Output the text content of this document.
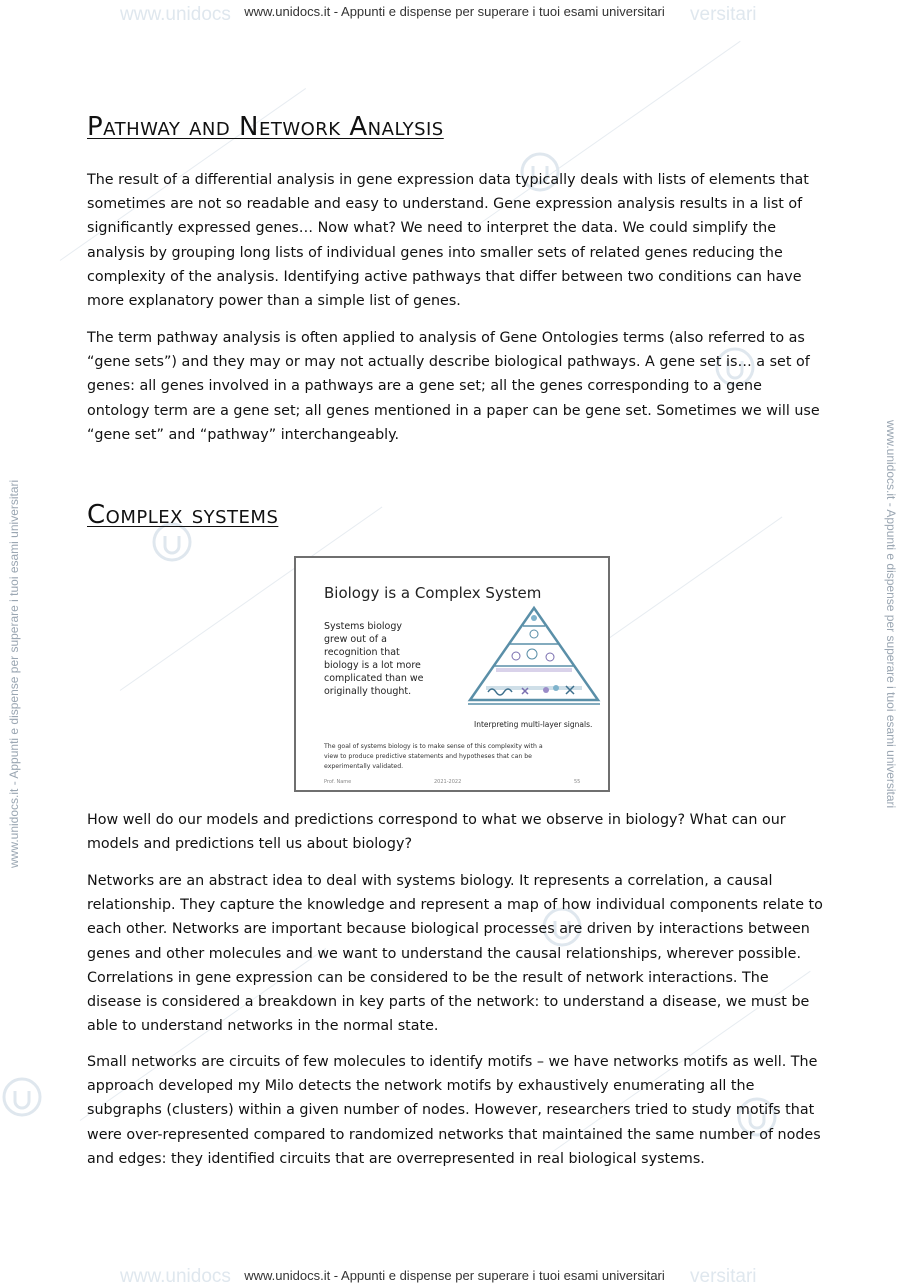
www.unidocs	versitari
www.unidocs.it - Appunti e dispense per superare i tuoi esami universitari
www.unidocs	versitari
www.unidocs.it - Appunti e dispense per superare i tuoi esami universitari
www.unidocs.it - Appunti e dispense per superare i tuoi esami universitari	www.unidocs.it - Appunti e dispense per superare i tuoi esami universitari
Pathway and Network Analysis

The result of a differential analysis in gene expression data typically deals with lists of elements that sometimes are not so readable and easy to understand. Gene expression analysis results in a list of significantly expressed genes… Now what? We need to interpret the data. We could simplify the analysis by grouping long lists of individual genes into smaller sets of related genes reducing the complexity of the analysis. Identifying active pathways that differ between two conditions can have more explanatory power than a simple list of genes.

The term pathway analysis is often applied to analysis of Gene Ontologies terms (also referred to as “gene sets”) and they may or may not actually describe biological pathways. A gene set is… a set of genes: all genes involved in a pathways are a gene set; all the genes corresponding to a gene ontology term are a gene set; all genes mentioned in a paper can be gene set. Sometimes we will use “gene set” and “pathway” interchangeably.

Complex systems
Biology is a Complex System
Systems biology grew out of a recognition that biology is a lot more complicated than we originally thought.
Interpreting multi-layer signals.
The goal of systems biology is to make sense of this complexity with a view to produce predictive statements and hypotheses that can be experimentally validated.
Prof. Name	2021-2022	55

How well do our models and predictions correspond to what we observe in biology? What can our models and predictions tell us about biology?

Networks are an abstract idea to deal with systems biology. It represents a correlation, a causal relationship. They capture the knowledge and represent a map of how individual components relate to each other. Networks are important because biological processes are driven by interactions between genes and other molecules and we want to understand the causal relationships, wherever possible. Correlations in gene expression can be considered to be the result of network interactions. The disease is considered a breakdown in key parts of the network: to understand a disease, we must be able to understand networks in the normal state.

Small networks are circuits of few molecules to identify motifs – we have networks motifs as well. The approach developed my Milo detects the network motifs by exhaustively enumerating all the subgraphs (clusters) within a given number of nodes. However, researchers tried to study motifs that were over-represented compared to randomized networks that maintained the same number of nodes and edges: they identified circuits that are overrepresented in real biological systems.
